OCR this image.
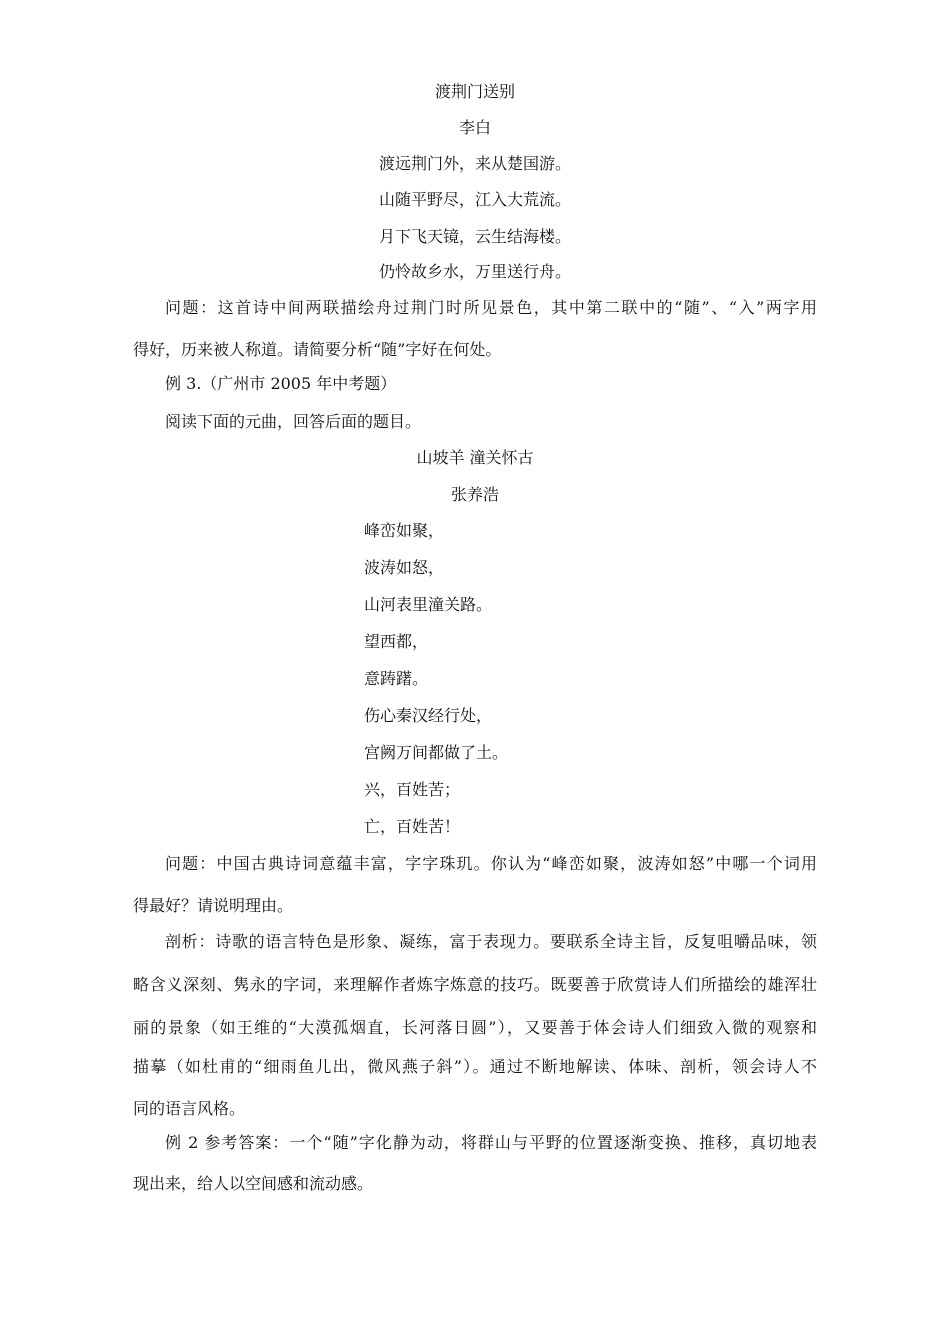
渡荆门送别
李白
渡远荆门外，来从楚国游。
山随平野尽，江入大荒流。
月下飞天镜，云生结海楼。
仍怜故乡水，万里送行舟。
问题：这首诗中间两联描绘舟过荆门时所见景色，其中第二联中的“随”、“入”两字用
得好，历来被人称道。请简要分析“随”字好在何处。
例 3.（广州市 2005 年中考题）
阅读下面的元曲，回答后面的题目。
山坡羊 潼关怀古
张养浩
峰峦如聚，
波涛如怒，
山河表里潼关路。
望西都，
意踌躇。
伤心秦汉经行处，
宫阙万间都做了土。
兴，百姓苦；
亡，百姓苦！
问题：中国古典诗词意蕴丰富，字字珠玑。你认为“峰峦如聚，波涛如怒”中哪一个词用
得最好？请说明理由。
剖析：诗歌的语言特色是形象、凝练，富于表现力。要联系全诗主旨，反复咀嚼品味，领
略含义深刻、隽永的字词，来理解作者炼字炼意的技巧。既要善于欣赏诗人们所描绘的雄浑壮
丽的景象（如王维的“大漠孤烟直，长河落日圆”），又要善于体会诗人们细致入微的观察和
描摹（如杜甫的“细雨鱼儿出，微风燕子斜”）。通过不断地解读、体味、剖析，领会诗人不
同的语言风格。
例 2 参考答案：一个“随”字化静为动，将群山与平野的位置逐渐变换、推移，真切地表
现出来，给人以空间感和流动感。
